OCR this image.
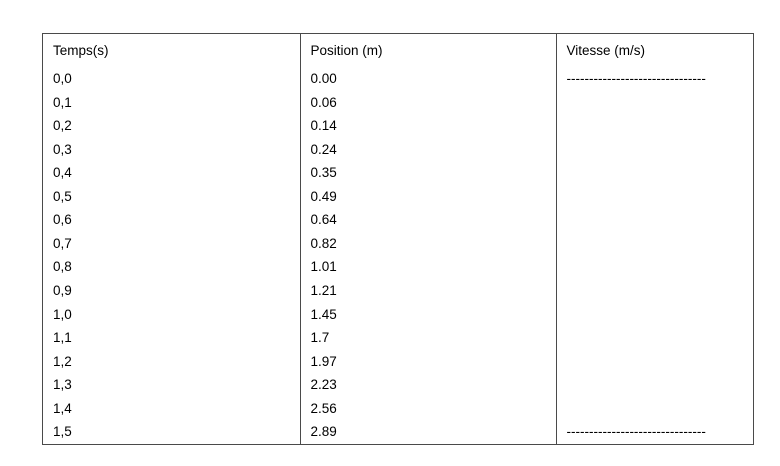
Temps(s)	Position (m)	Vitesse (m/s)

0,0	0.00	-------------------------------

0,1	0.06	

0,2	0.14	

0,3	0.24	

0,4	0.35	

0,5	0.49	

0,6	0.64	

0,7	0.82	

0,8	1.01	

0,9	1.21	

1,0	1.45	

1,1	1.7	

1,2	1.97	

1,3	2.23	

1,4	2.56	

1,5	2.89	-------------------------------
